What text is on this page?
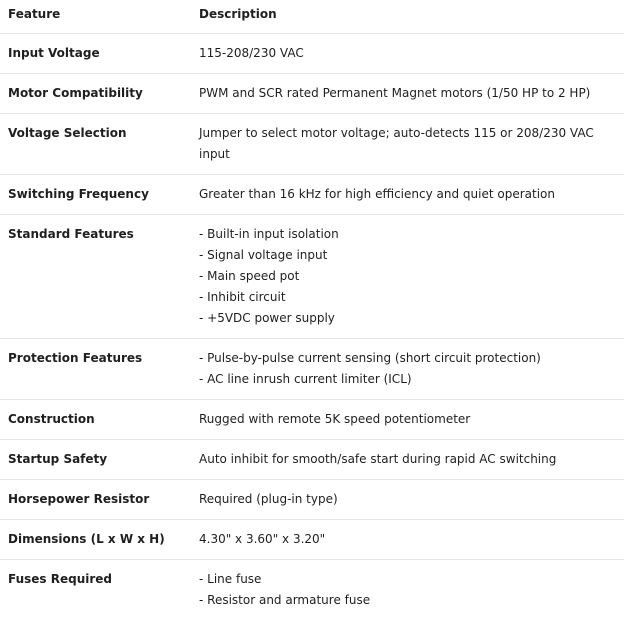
Feature	Description
Input Voltage	115-208/230 VAC

Motor Compatibility	PWM and SCR rated Permanent Magnet motors (1/50 HP to 2 HP)

Voltage Selection	Jumper to select motor voltage; auto-detects 115 or 208/230 VAC input

Switching Frequency	Greater than 16 kHz for high efficiency and quiet operation

Standard Features	- Built-in input isolation
- Signal voltage input
- Main speed pot
- Inhibit circuit
- +5VDC power supply

Protection Features	- Pulse-by-pulse current sensing (short circuit protection)
- AC line inrush current limiter (ICL)

Construction	Rugged with remote 5K speed potentiometer

Startup Safety	Auto inhibit for smooth/safe start during rapid AC switching

Horsepower Resistor	Required (plug-in type)

Dimensions (L x W x H)	4.30" x 3.60" x 3.20"

Fuses Required	- Line fuse
- Resistor and armature fuse
